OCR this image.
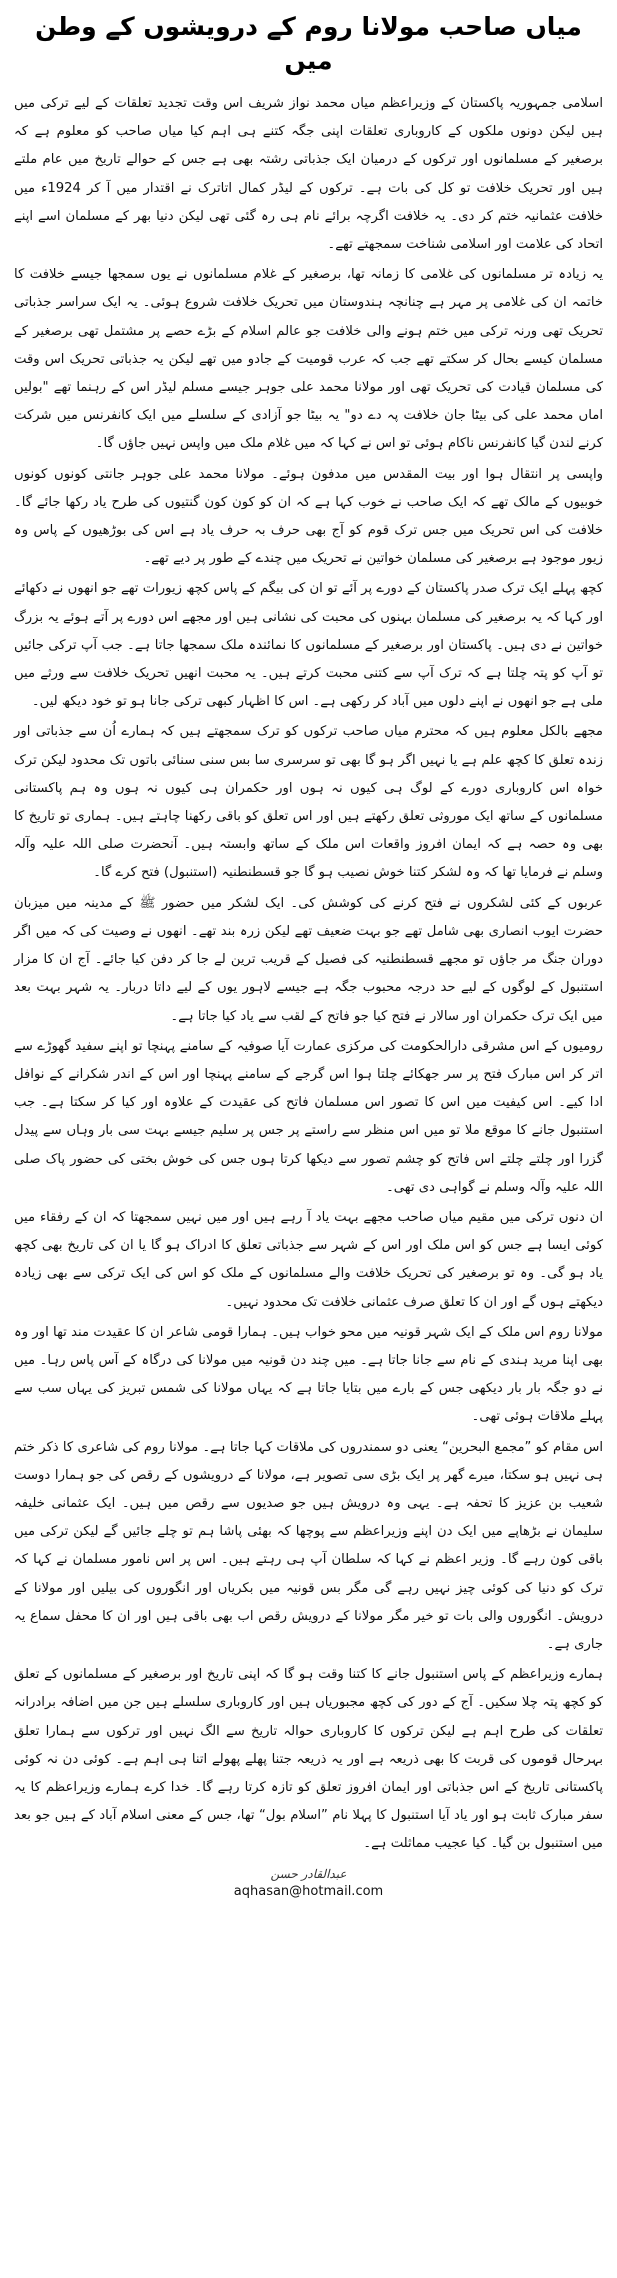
میاں صاحب مولانا روم کے درویشوں کے وطن میں

اسلامی جمہوریہ پاکستان کے وزیراعظم میاں محمد نواز شریف اس وقت تجدید تعلقات کے لیے ترکی میں ہیں لیکن دونوں ملکوں کے کاروباری تعلقات اپنی جگہ کتنے ہی اہم کیا میاں صاحب کو معلوم ہے کہ برصغیر کے مسلمانوں اور ترکوں کے درمیان ایک جذباتی رشتہ بھی ہے جس کے حوالے تاریخ میں عام ملتے ہیں اور تحریک خلافت تو کل کی بات ہے۔ ترکوں کے لیڈر کمال اتاترک نے اقتدار میں آ کر 1924ء میں خلافت عثمانیہ ختم کر دی۔ یہ خلافت اگرچہ برائے نام ہی رہ گئی تھی لیکن دنیا بھر کے مسلمان اسے اپنے اتحاد کی علامت اور اسلامی شناخت سمجھتے تھے۔

یہ زیادہ تر مسلمانوں کی غلامی کا زمانہ تھا، برصغیر کے غلام مسلمانوں نے یوں سمجھا جیسے خلافت کا خاتمہ ان کی غلامی پر مہر ہے چنانچہ ہندوستان میں تحریک خلافت شروع ہوئی۔ یہ ایک سراسر جذباتی تحریک تھی ورنہ ترکی میں ختم ہونے والی خلافت جو عالم اسلام کے بڑے حصے پر مشتمل تھی برصغیر کے مسلمان کیسے بحال کر سکتے تھے جب کہ عرب قومیت کے جادو میں تھے لیکن یہ جذباتی تحریک اس وقت کی مسلمان قیادت کی تحریک تھی اور مولانا محمد علی جوہر جیسے مسلم لیڈر اس کے رہنما تھے "بولیں اماں محمد علی کی بیٹا جان خلافت پہ دے دو" یہ بیٹا جو آزادی کے سلسلے میں ایک کانفرنس میں شرکت کرنے لندن گیا کانفرنس ناکام ہوئی تو اس نے کہا کہ میں غلام ملک میں واپس نہیں جاؤں گا۔

واپسی پر انتقال ہوا اور بیت المقدس میں مدفون ہوئے۔ مولانا محمد علی جوہر جانتی کونوں کونوں خوبیوں کے مالک تھے کہ ایک صاحب نے خوب کہا ہے کہ ان کو کون کون گنتیوں کی طرح یاد رکھا جائے گا۔ خلافت کی اس تحریک میں جس ترک قوم کو آج بھی حرف بہ حرف یاد ہے اس کی بوڑھیوں کے پاس وہ زیور موجود ہے برصغیر کی مسلمان خواتین نے تحریک میں چندے کے طور پر دیے تھے۔

کچھ پہلے ایک ترک صدر پاکستان کے دورے پر آئے تو ان کی بیگم کے پاس کچھ زیورات تھے جو انھوں نے دکھائے اور کہا کہ یہ برصغیر کی مسلمان بہنوں کی محبت کی نشانی ہیں اور مجھے اس دورے پر آتے ہوئے یہ بزرگ خواتین نے دی ہیں۔ پاکستان اور برصغیر کے مسلمانوں کا نمائندہ ملک سمجھا جاتا ہے۔ جب آپ ترکی جائیں تو آپ کو پتہ چلتا ہے کہ ترک آپ سے کتنی محبت کرتے ہیں۔ یہ محبت انھیں تحریک خلافت سے ورثے میں ملی ہے جو انھوں نے اپنے دلوں میں آباد کر رکھی ہے۔ اس کا اظہار کبھی ترکی جانا ہو تو خود دیکھ لیں۔

مجھے بالکل معلوم ہیں کہ محترم میاں صاحب ترکوں کو ترک سمجھتے ہیں کہ ہمارے اُن سے جذباتی اور زندہ تعلق کا کچھ علم ہے یا نہیں اگر ہو گا بھی تو سرسری سا بس سنی سنائی باتوں تک محدود لیکن ترک خواہ اس کاروباری دورے کے لوگ ہی کیوں نہ ہوں اور حکمران ہی کیوں نہ ہوں وہ ہم پاکستانی مسلمانوں کے ساتھ ایک موروثی تعلق رکھتے ہیں اور اس تعلق کو باقی رکھنا چاہتے ہیں۔ ہماری تو تاریخ کا بھی وہ حصہ ہے کہ ایمان افروز واقعات اس ملک کے ساتھ وابستہ ہیں۔ آنحضرت صلی اللہ علیہ وآلہ وسلم نے فرمایا تھا کہ وہ لشکر کتنا خوش نصیب ہو گا جو قسطنطنیہ (استنبول) فتح کرے گا۔

عربوں کے کئی لشکروں نے فتح کرنے کی کوشش کی۔ ایک لشکر میں حضور ﷺ کے مدینہ میں میزبان حضرت ایوب انصاری بھی شامل تھے جو بہت ضعیف تھے لیکن زرہ بند تھے۔ انھوں نے وصیت کی کہ میں اگر دوران جنگ مر جاؤں تو مجھے قسطنطنیہ کی فصیل کے قریب ترین لے جا کر دفن کیا جائے۔ آج ان کا مزار استنبول کے لوگوں کے لیے حد درجہ محبوب جگہ ہے جیسے لاہور یوں کے لیے داتا دربار۔ یہ شہر بہت بعد میں ایک ترک حکمران اور سالار نے فتح کیا جو فاتح کے لقب سے یاد کیا جاتا ہے۔

رومیوں کے اس مشرقی دارالحکومت کی مرکزی عمارت آیا صوفیہ کے سامنے پہنچا تو اپنے سفید گھوڑے سے اتر کر اس مبارک فتح پر سر جھکائے چلتا ہوا اس گرجے کے سامنے پہنچا اور اس کے اندر شکرانے کے نوافل ادا کیے۔ اس کیفیت میں اس کا تصور اس مسلمان فاتح کی عقیدت کے علاوہ اور کیا کر سکتا ہے۔ جب استنبول جانے کا موقع ملا تو میں اس منظر سے راستے پر جس پر سلیم جیسے بہت سی بار وہاں سے پیدل گزرا اور چلتے چلتے اس فاتح کو چشم تصور سے دیکھا کرتا ہوں جس کی خوش بختی کی حضور پاک صلی اللہ علیہ وآلہ وسلم نے گواہی دی تھی۔

ان دنوں ترکی میں مقیم میاں صاحب مجھے بہت یاد آ رہے ہیں اور میں نہیں سمجھتا کہ ان کے رفقاء میں کوئی ایسا ہے جس کو اس ملک اور اس کے شہر سے جذباتی تعلق کا ادراک ہو گا یا ان کی تاریخ بھی کچھ یاد ہو گی۔ وہ تو برصغیر کی تحریک خلافت والے مسلمانوں کے ملک کو اس کی ایک ترکی سے بھی زیادہ دیکھتے ہوں گے اور ان کا تعلق صرف عثمانی خلافت تک محدود نہیں۔

مولانا روم اس ملک کے ایک شہر قونیہ میں محو خواب ہیں۔ ہمارا قومی شاعر ان کا عقیدت مند تھا اور وہ بھی اپنا مرید ہندی کے نام سے جانا جاتا ہے۔ میں چند دن قونیہ میں مولانا کی درگاہ کے آس پاس رہا۔ میں نے دو جگہ بار بار دیکھی جس کے بارے میں بتایا جاتا ہے کہ یہاں مولانا کی شمس تبریز کی یہاں سب سے پہلے ملاقات ہوئی تھی۔

اس مقام کو ”مجمع البحرین“ یعنی دو سمندروں کی ملاقات کہا جاتا ہے۔ مولانا روم کی شاعری کا ذکر ختم ہی نہیں ہو سکتا، میرے گھر پر ایک بڑی سی تصویر ہے، مولانا کے درویشوں کے رقص کی جو ہمارا دوست شعیب بن عزیز کا تحفہ ہے۔ یہی وہ درویش ہیں جو صدیوں سے رقص میں ہیں۔ ایک عثمانی خلیفہ سلیمان نے بڑھاپے میں ایک دن اپنے وزیراعظم سے پوچھا کہ بھئی پاشا ہم تو چلے جائیں گے لیکن ترکی میں باقی کون رہے گا۔ وزیر اعظم نے کہا کہ سلطان آپ ہی رہتے ہیں۔ اس پر اس نامور مسلمان نے کہا کہ ترک کو دنیا کی کوئی چیز نہیں رہے گی مگر بس قونیہ میں بکریاں اور انگوروں کی بیلیں اور مولانا کے درویش۔ انگوروں والی بات تو خیر مگر مولانا کے درویش رقص اب بھی باقی ہیں اور ان کا محفل سماع یہ جاری ہے۔

ہمارے وزیراعظم کے پاس استنبول جانے کا کتنا وقت ہو گا کہ اپنی تاریخ اور برصغیر کے مسلمانوں کے تعلق کو کچھ پتہ چلا سکیں۔ آج کے دور کی کچھ مجبوریاں ہیں اور کاروباری سلسلے ہیں جن میں اضافہ برادرانہ تعلقات کی طرح اہم ہے لیکن ترکوں کا کاروباری حوالہ تاریخ سے الگ نہیں اور ترکوں سے ہمارا تعلق بہرحال قوموں کی قربت کا بھی ذریعہ ہے اور یہ ذریعہ جتنا پھلے پھولے اتنا ہی اہم ہے۔ کوئی دن نہ کوئی پاکستانی تاریخ کے اس جذباتی اور ایمان افروز تعلق کو تازہ کرتا رہے گا۔ خدا کرے ہمارے وزیراعظم کا یہ سفر مبارک ثابت ہو اور یاد آیا استنبول کا پہلا نام ”اسلام بول“ تھا، جس کے معنی اسلام آباد کے ہیں جو بعد میں استنبول بن گیا۔ کیا عجیب مماثلت ہے۔

عبدالقادر حسن
aqhasan@hotmail.com
